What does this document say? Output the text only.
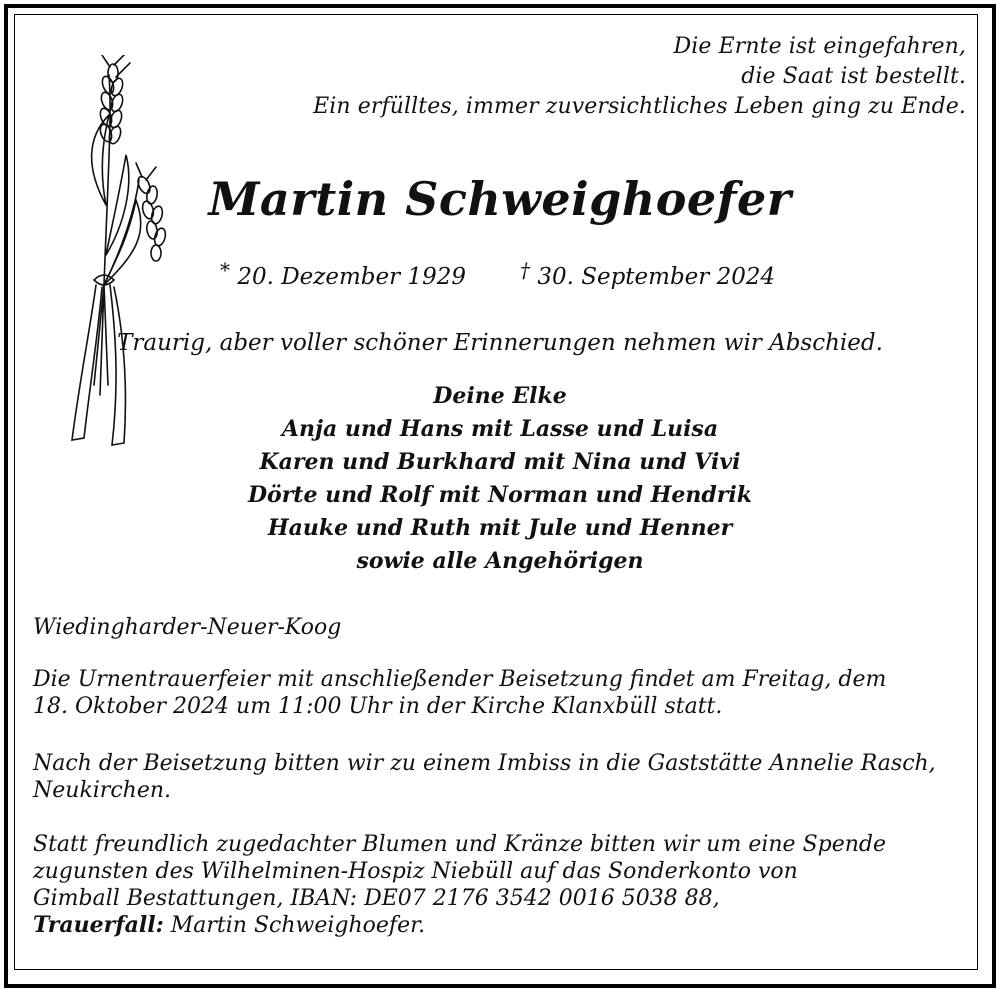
Die Ernte ist eingefahren,
die Saat ist bestellt.
Ein erfülltes, immer zuversichtliches Leben ging zu Ende.
Martin Schweighoefer
* 20. Dezember 1929	† 30. September 2024
Traurig, aber voller schöner Erinnerungen nehmen wir Abschied.
Deine Elke
Anja und Hans mit Lasse und Luisa
Karen und Burkhard mit Nina und Vivi
Dörte und Rolf mit Norman und Hendrik
Hauke und Ruth mit Jule und Henner
sowie alle Angehörigen
Wiedingharder-Neuer-Koog
Die Urnentrauerfeier mit anschließender Beisetzung findet am Freitag, dem
18. Oktober 2024 um 11:00 Uhr in der Kirche Klanxbüll statt.
Nach der Beisetzung bitten wir zu einem Imbiss in die Gaststätte Annelie Rasch,
Neukirchen.
Statt freundlich zugedachter Blumen und Kränze bitten wir um eine Spende
zugunsten des Wilhelminen-Hospiz Niebüll auf das Sonderkonto von
Gimball Bestattungen, IBAN: DE07 2176 3542 0016 5038 88,
Trauerfall: Martin Schweighoefer.
